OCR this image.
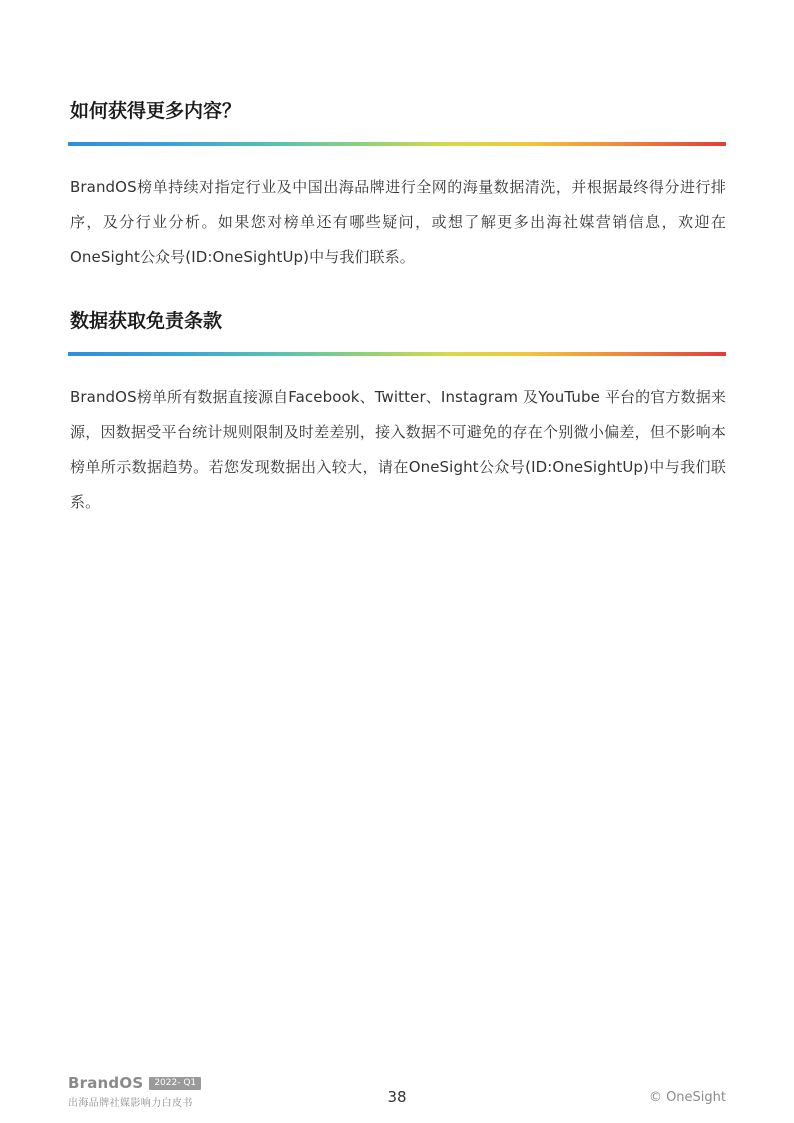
如何获得更多内容？

BrandOS榜单持续对指定行业及中国出海品牌进行全网的海量数据清洗，并根据最终得分进行排序，及分行业分析。如果您对榜单还有哪些疑问，或想了解更多出海社媒营销信息，欢迎在OneSight公众号(ID:OneSightUp)中与我们联系。

数据获取免责条款

BrandOS榜单所有数据直接源自Facebook、Twitter、Instagram 及YouTube 平台的官方数据来源，因数据受平台统计规则限制及时差差别，接入数据不可避免的存在个别微小偏差，但不影响本榜单所示数据趋势。若您发现数据出入较大，请在OneSight公众号(ID:OneSightUp)中与我们联系。

BrandOS	2022- Q1
出海品牌社媒影响力白皮书	38	© OneSight
